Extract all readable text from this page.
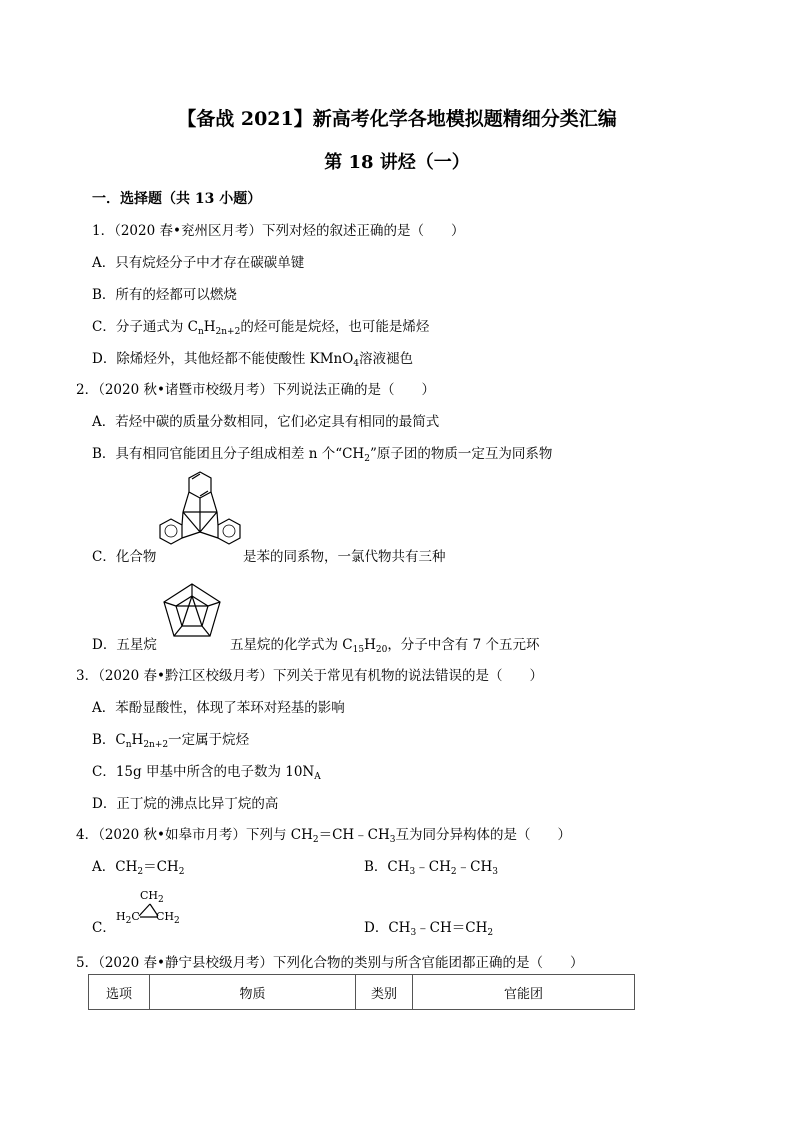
【备战 2021】新高考化学各地模拟题精细分类汇编
第 18 讲烃（一）
一．选择题（共 13 小题）
1．（2020 春•兖州区月考）下列对烃的叙述正确的是（　　）
A．只有烷烃分子中才存在碳碳单键
B．所有的烃都可以燃烧
C．分子通式为 $C_nH_{2n+2}$的烃可能是烷烃，也可能是烯烃
D．除烯烃外，其他烃都不能使酸性 KMnO$_4$溶液褪色
2．（2020 秋•诸暨市校级月考）下列说法正确的是（　　）
A．若烃中碳的质量分数相同，它们必定具有相同的最简式
B．具有相同官能团且分子组成相差 n 个“$CH_2$”原子团的物质一定互为同系物
C．化合物	是苯的同系物，一氯代物共有三种
D．五星烷	五星烷的化学式为 $C_{15}H_{20}$，分子中含有 7 个五元环
3．（2020 春•黔江区校级月考）下列关于常见有机物的说法错误的是（　　）
A．苯酚显酸性，体现了苯环对羟基的影响
B．$C_nH_{2n+2}$一定属于烷烃
C．15g 甲基中所含的电子数为 $10N_A$
D．正丁烷的沸点比异丁烷的高
4．（2020 秋•如皋市月考）下列与 $CH_2=CH﹣CH_3$互为同分异构体的是（　　）
A．$CH_2=CH_2$	B．$CH_3﹣CH_2﹣CH_3$
C．
$CH_2$
$H_2C$ $CH_2$	D．$CH_3﹣CH=CH_2$
5．（2020 春•静宁县校级月考）下列化合物的类别与所含官能团都正确的是（　　）
选项	物质	类别	官能团
